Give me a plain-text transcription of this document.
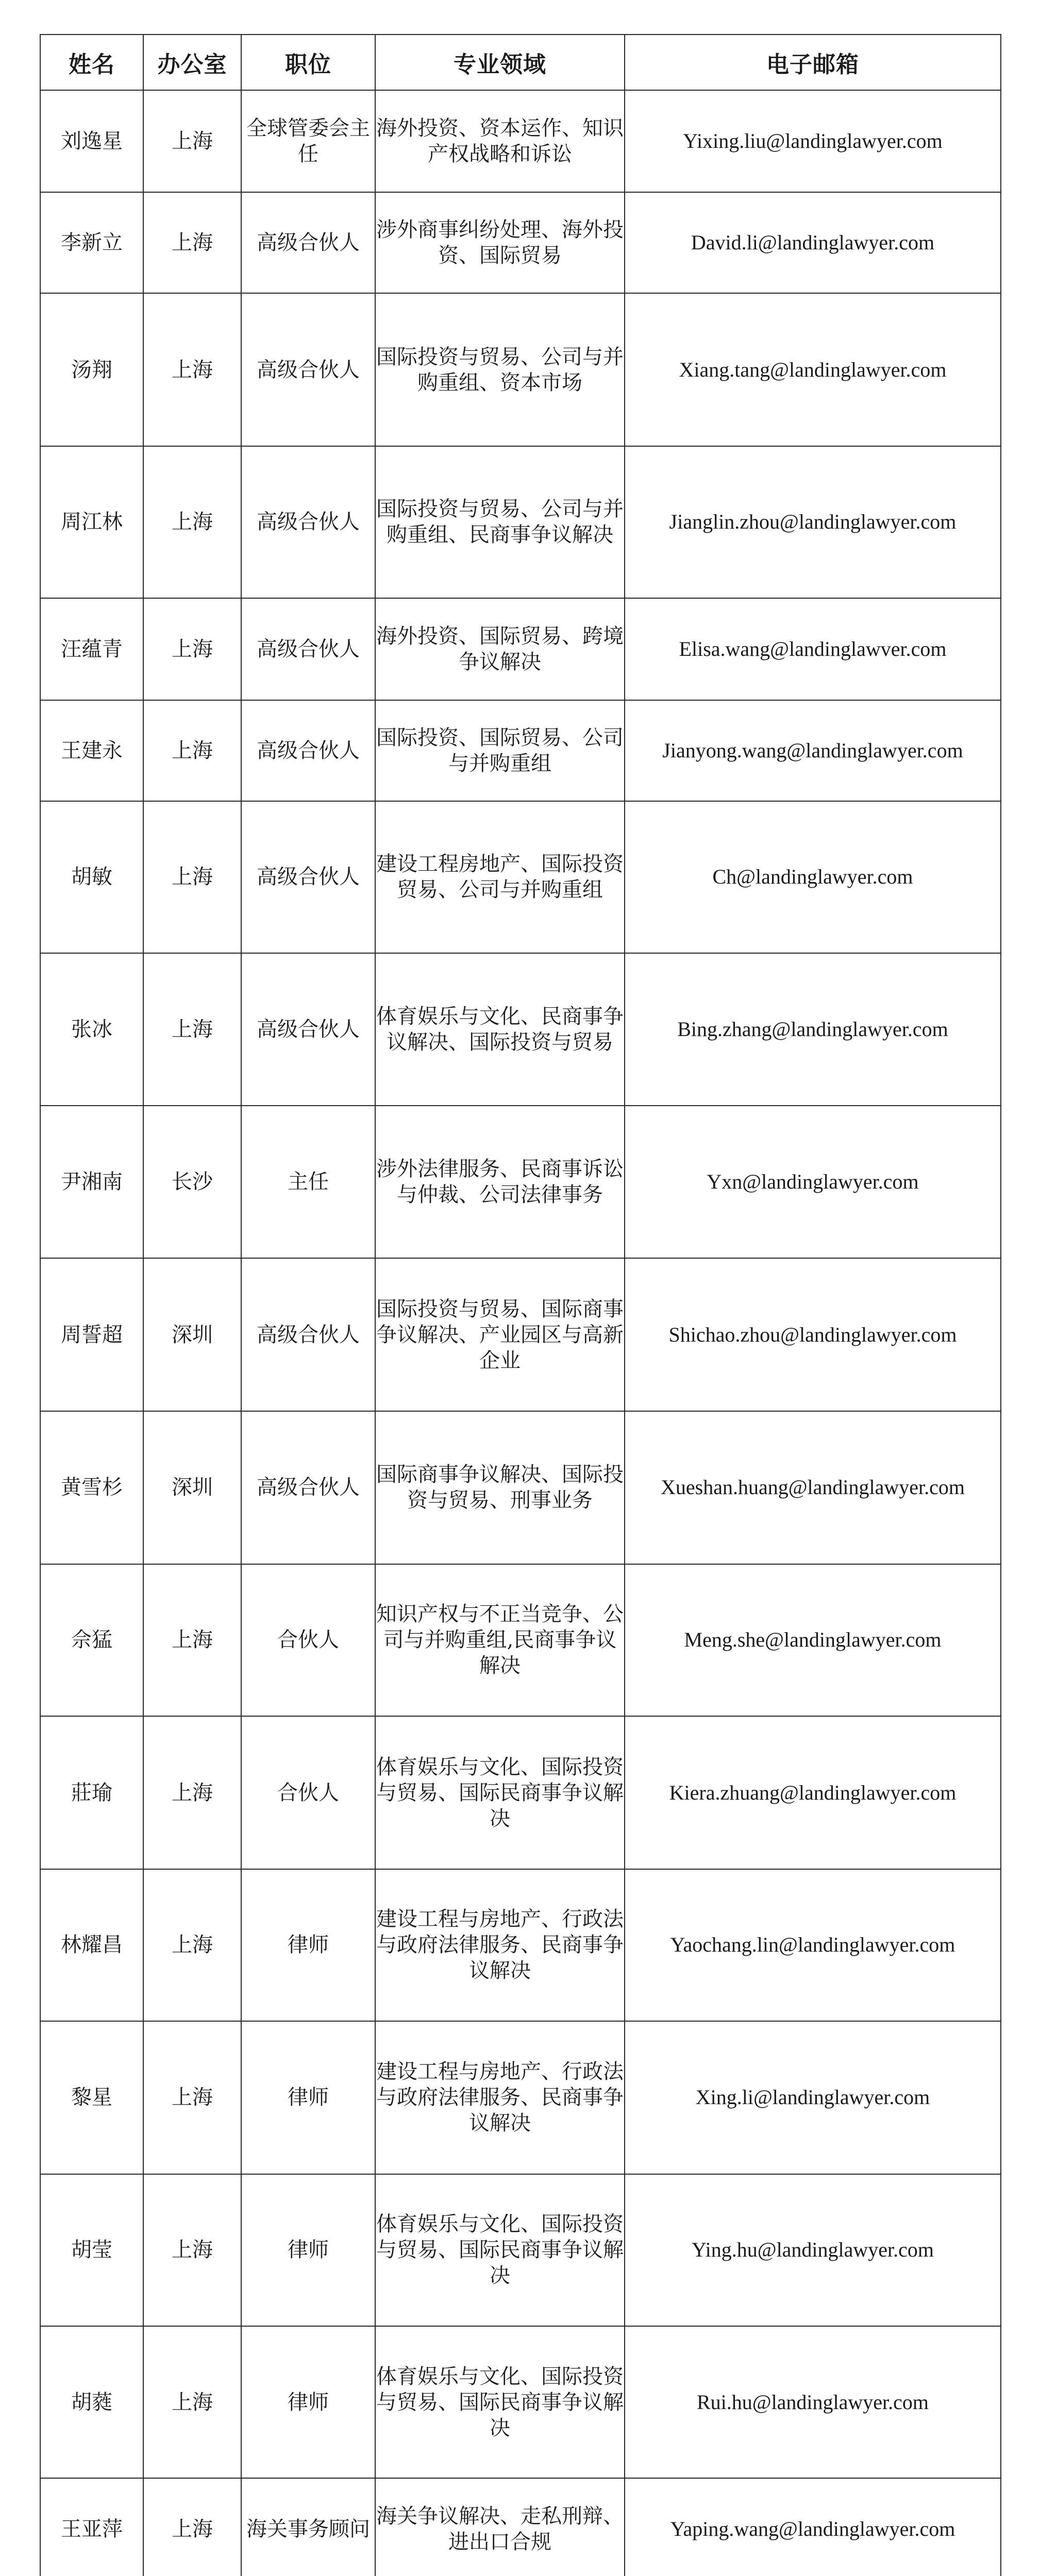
姓名	办公室	职位	专业领域	电子邮箱
刘逸星	上海	全球管委会主任	海外投资、资本运作、知识产权战略和诉讼	Yixing.liu@landinglawyer.com
李新立	上海	高级合伙人	涉外商事纠纷处理、海外投资、国际贸易	David.li@landinglawyer.com
汤翔	上海	高级合伙人	国际投资与贸易、公司与并购重组、资本市场	Xiang.tang@landinglawyer.com
周江林	上海	高级合伙人	国际投资与贸易、公司与并购重组、民商事争议解决	Jianglin.zhou@landinglawyer.com
汪蕴青	上海	高级合伙人	海外投资、国际贸易、跨境争议解决	Elisa.wang@landinglawver.com
王建永	上海	高级合伙人	国际投资、国际贸易、公司与并购重组	Jianyong.wang@landinglawyer.com
胡敏	上海	高级合伙人	建设工程房地产、国际投资贸易、公司与并购重组	Ch@landinglawyer.com
张冰	上海	高级合伙人	体育娱乐与文化、民商事争议解决、国际投资与贸易	Bing.zhang@landinglawyer.com
尹湘南	长沙	主任	涉外法律服务、民商事诉讼与仲裁、公司法律事务	Yxn@landinglawyer.com
周誓超	深圳	高级合伙人	国际投资与贸易、国际商事争议解决、产业园区与高新企业	Shichao.zhou@landinglawyer.com
黄雪杉	深圳	高级合伙人	国际商事争议解决、国际投资与贸易、刑事业务	Xueshan.huang@landinglawyer.com
佘猛	上海	合伙人	知识产权与不正当竞争、公司与并购重组,民商事争议解决	Meng.she@landinglawyer.com
莊瑜	上海	合伙人	体育娱乐与文化、国际投资与贸易、国际民商事争议解决	Kiera.zhuang@landinglawyer.com
林耀昌	上海	律师	建设工程与房地产、行政法与政府法律服务、民商事争议解决	Yaochang.lin@landinglawyer.com
黎星	上海	律师	建设工程与房地产、行政法与政府法律服务、民商事争议解决	Xing.li@landinglawyer.com
胡莹	上海	律师	体育娱乐与文化、国际投资与贸易、国际民商事争议解决	Ying.hu@landinglawyer.com
胡蕤	上海	律师	体育娱乐与文化、国际投资与贸易、国际民商事争议解决	Rui.hu@landinglawyer.com
王亚萍	上海	海关事务顾问	海关争议解决、走私刑辩、进出口合规	Yaping.wang@landinglawyer.com
